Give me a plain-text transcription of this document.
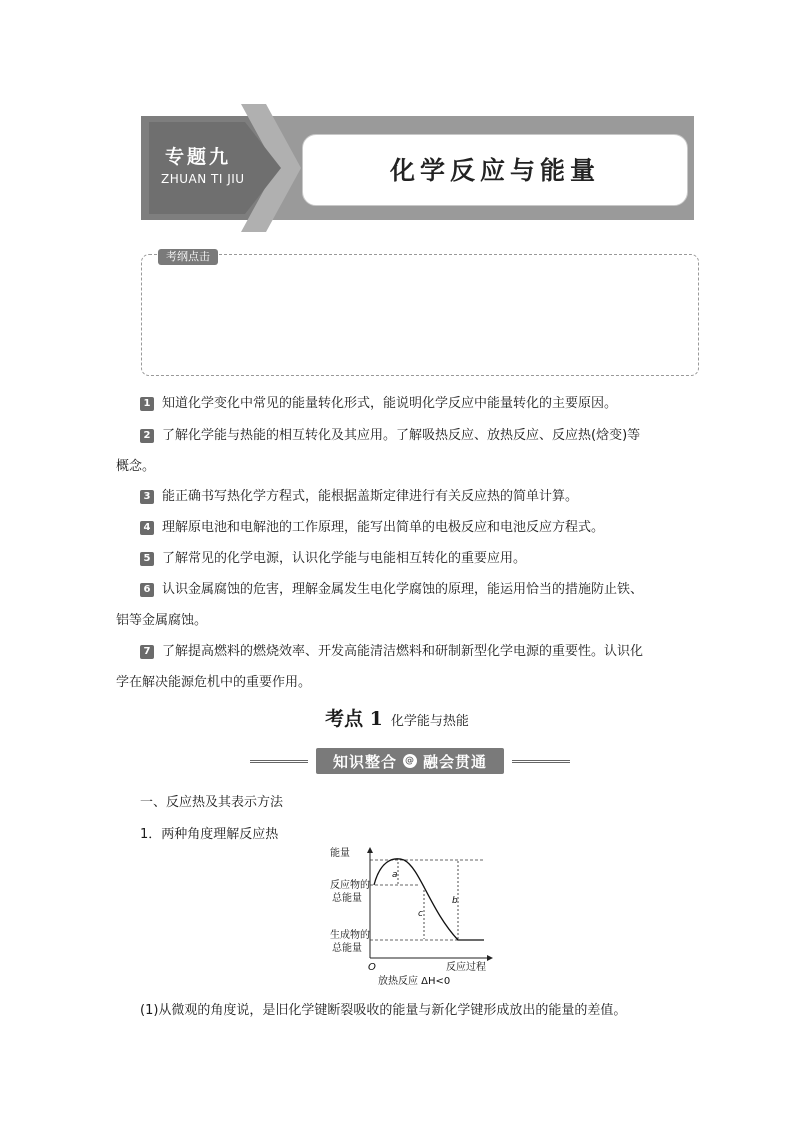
专题九
ZHUAN TI JIU	化学反应与能量
考纲点击
1 知道化学变化中常见的能量转化形式，能说明化学反应中能量转化的主要原因。
2 了解化学能与热能的相互转化及其应用。了解吸热反应、放热反应、反应热(焓变)等
概念。
3 能正确书写热化学方程式，能根据盖斯定律进行有关反应热的简单计算。
4 理解原电池和电解池的工作原理，能写出简单的电极反应和电池反应方程式。
5 了解常见的化学电源，认识化学能与电能相互转化的重要应用。
6 认识金属腐蚀的危害，理解金属发生电化学腐蚀的原理，能运用恰当的措施防止铁、
铝等金属腐蚀。
7 了解提高燃料的燃烧效率、开发高能清洁燃料和研制新型化学电源的重要性。认识化
学在解决能源危机中的重要作用。
考点 1 化学能与热能
知识整合 @ 融会贯通
一、反应热及其表示方法
1．两种角度理解反应热
能量
反应物的
总能量
生成物的
总能量
O	反应过程
a
c
b
放热反应 ΔH<0
(1)从微观的角度说，是旧化学键断裂吸收的能量与新化学键形成放出的能量的差值。
